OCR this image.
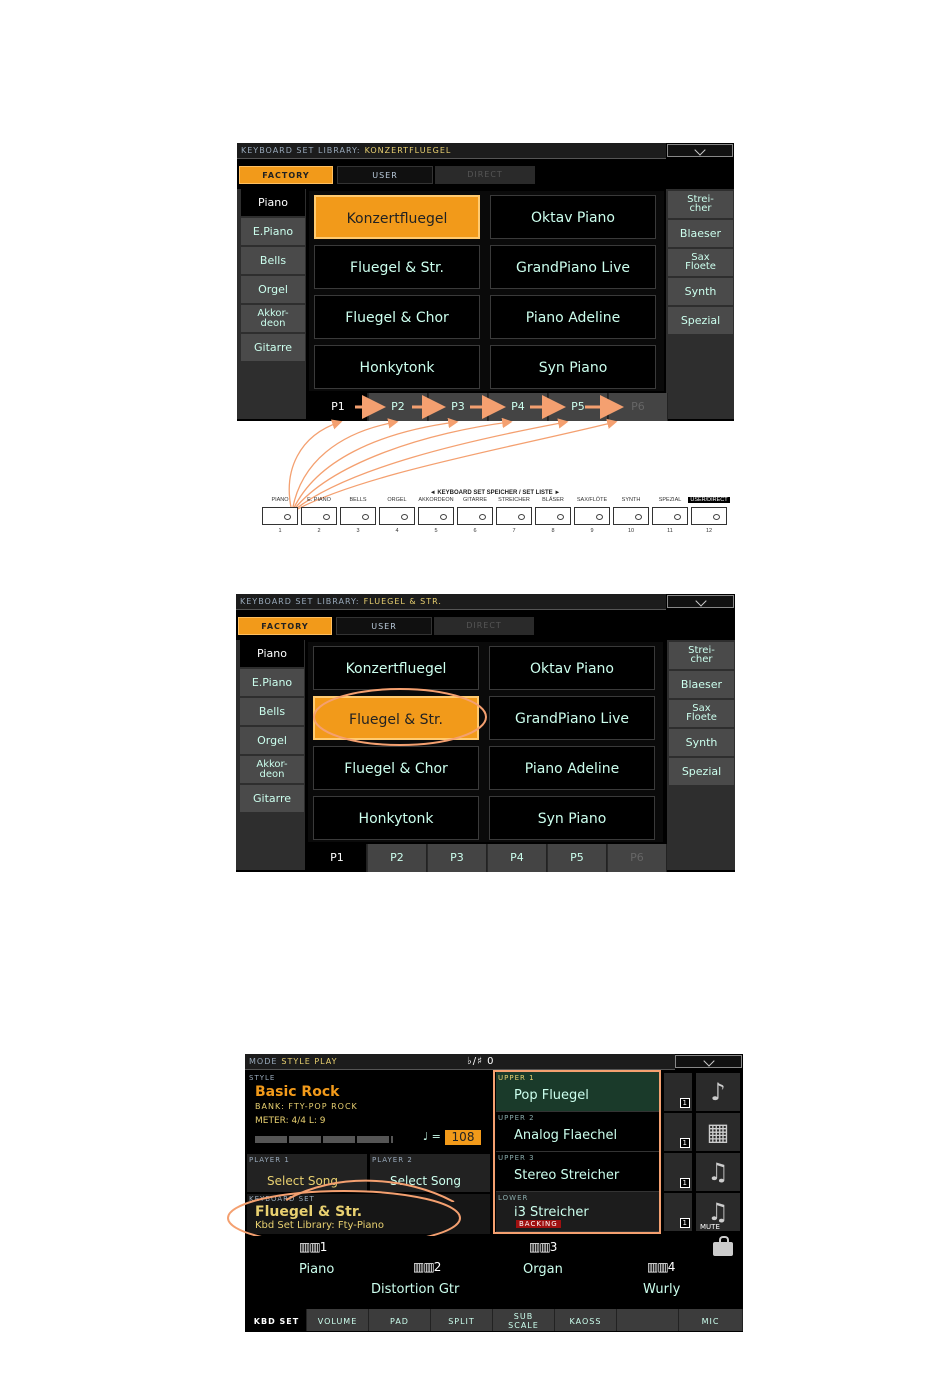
KEYBOARD SET LIBRARY: KONZERTFLUEGEL
FACTORY	USER	DIRECT
Piano
E.Piano
Bells
Orgel
Akkor-
deon
Gitarre
Konzertfluegel	Oktav Piano
Fluegel & Str.	GrandPiano Live
Fluegel & Chor	Piano Adeline
Honkytonk	Syn Piano
Strei-
cher
Blaeser
Sax
Floete
Synth
Spezial
P1	P2	P3	P4	P5	P6
◄ KEYBOARD SET SPEICHER / SET LISTE ►
PIANO	E. PIANO	BELLS	ORGEL	AKKORDEON	GITARRE	STREICHER	BLÄSER	SAX/FLÖTE	SYNTH	SPEZIAL	USER/DIRECT
1	2	3	4	5	6	7	8	9	10	11	12
KEYBOARD SET LIBRARY: FLUEGEL & STR.
FACTORY	USER	DIRECT
Piano
E.Piano
Bells
Orgel
Akkor-
deon
Gitarre
Konzertfluegel	Oktav Piano
Fluegel & Str.	GrandPiano Live
Fluegel & Chor	Piano Adeline
Honkytonk	Syn Piano
Strei-
cher
Blaeser
Sax
Floete
Synth
Spezial
P1	P2	P3	P4	P5	P6
MODE STYLE PLAY	♭/♯ 0
STYLE
Basic Rock
BANK: FTY-POP ROCK
METER: 4/4 L: 9
♩ = 108
PLAYER 1
Select Song
PLAYER 2
Select Song
KEYBOARD SET
Fluegel & Str.
Kbd Set Library: Fty-Piano
UPPER 1
Pop Fluegel
UPPER 2
Analog Flaechel
UPPER 3
Stereo Streicher
LOWER
i3 Streicher
BACKING
1
1
1
1
♪
▦
♫
♫
MUTE
▥▥1
Piano	▥▥2
Distortion Gtr
▥▥3
Organ	▥▥4
Wurly
KBD SET	VOLUME	PAD	SPLIT
SUB
SCALE	KAOSS	MIC
